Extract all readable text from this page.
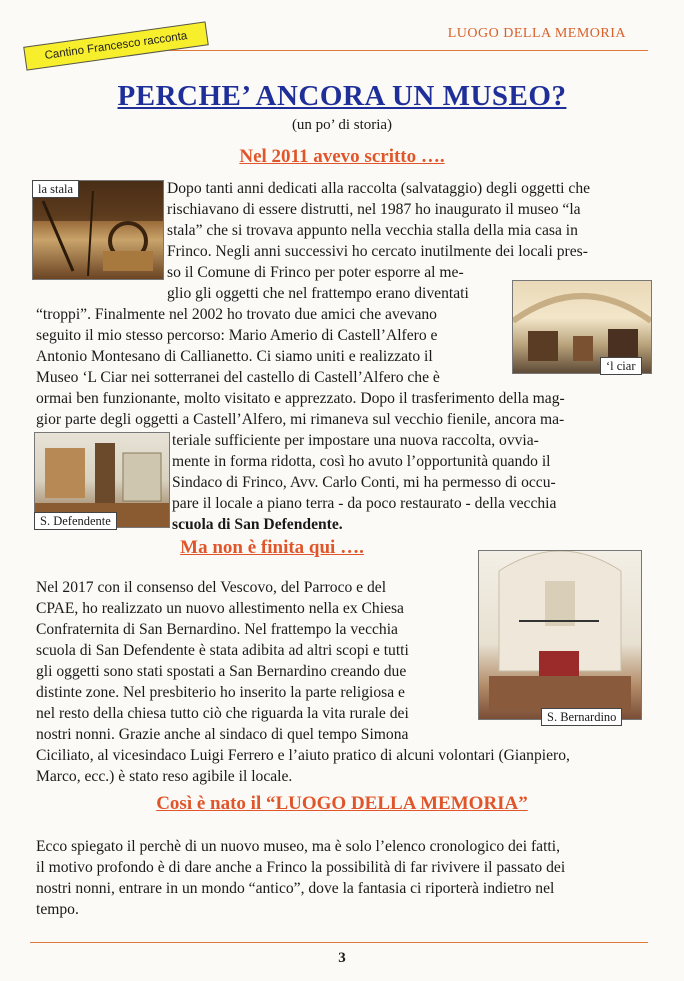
LUOGO DELLA MEMORIA
Cantino Francesco racconta
PERCHE’ ANCORA UN MUSEO?
(un po’ di storia)
Nel 2011 avevo scritto ….
la stala
‘l ciar
S. Defendente
Dopo tanti anni dedicati alla raccolta (salvataggio) degli oggetti che
rischiavano di essere distrutti, nel 1987 ho inaugurato il museo “la
stala” che si trovava appunto nella vecchia stalla della mia casa in
Frinco. Negli anni successivi ho cercato inutilmente dei locali pres-
so il Comune di Frinco per poter esporre al me-
glio gli oggetti che nel frattempo erano diventati
“troppi”. Finalmente nel 2002 ho trovato due amici che avevano
seguito il mio stesso percorso: Mario Amerio di Castell’Alfero e
Antonio Montesano di Callianetto. Ci siamo uniti e realizzato il
Museo ‘L Ciar nei sotterranei del castello di Castell’Alfero che è
ormai ben funzionante, molto visitato e apprezzato. Dopo il trasferimento della mag-
gior parte degli oggetti a Castell’Alfero, mi rimaneva sul vecchio fienile, ancora ma-
teriale sufficiente per impostare una nuova raccolta, ovvia-
mente in forma ridotta, così ho avuto l’opportunità quando il
Sindaco di Frinco, Avv. Carlo Conti, mi ha permesso di occu-
pare il locale a piano terra - da poco restaurato - della vecchia
scuola di San Defendente.
Ma non è finita qui ….
S. Bernardino
Nel 2017 con il consenso del Vescovo, del Parroco e del
CPAE, ho realizzato un nuovo allestimento nella ex Chiesa
Confraternita di San Bernardino. Nel frattempo la vecchia
scuola di San Defendente è stata adibita ad altri scopi e tutti
gli oggetti sono stati spostati a San Bernardino creando due
distinte zone. Nel presbiterio ho inserito la parte religiosa e
nel resto della chiesa tutto ciò che riguarda la vita rurale dei
nostri nonni. Grazie anche al sindaco di quel tempo Simona
Ciciliato, al vicesindaco Luigi Ferrero e l’aiuto pratico di alcuni volontari (Gianpiero,
Marco, ecc.) è stato reso agibile il locale.
Così è nato il “LUOGO DELLA MEMORIA”
Ecco spiegato il perchè di un nuovo museo, ma è solo l’elenco cronologico dei fatti,
il motivo profondo è di dare anche a Frinco la possibilità di far rivivere il passato dei
nostri nonni, entrare in un mondo “antico”, dove la fantasia ci riporterà indietro nel
tempo.
3
